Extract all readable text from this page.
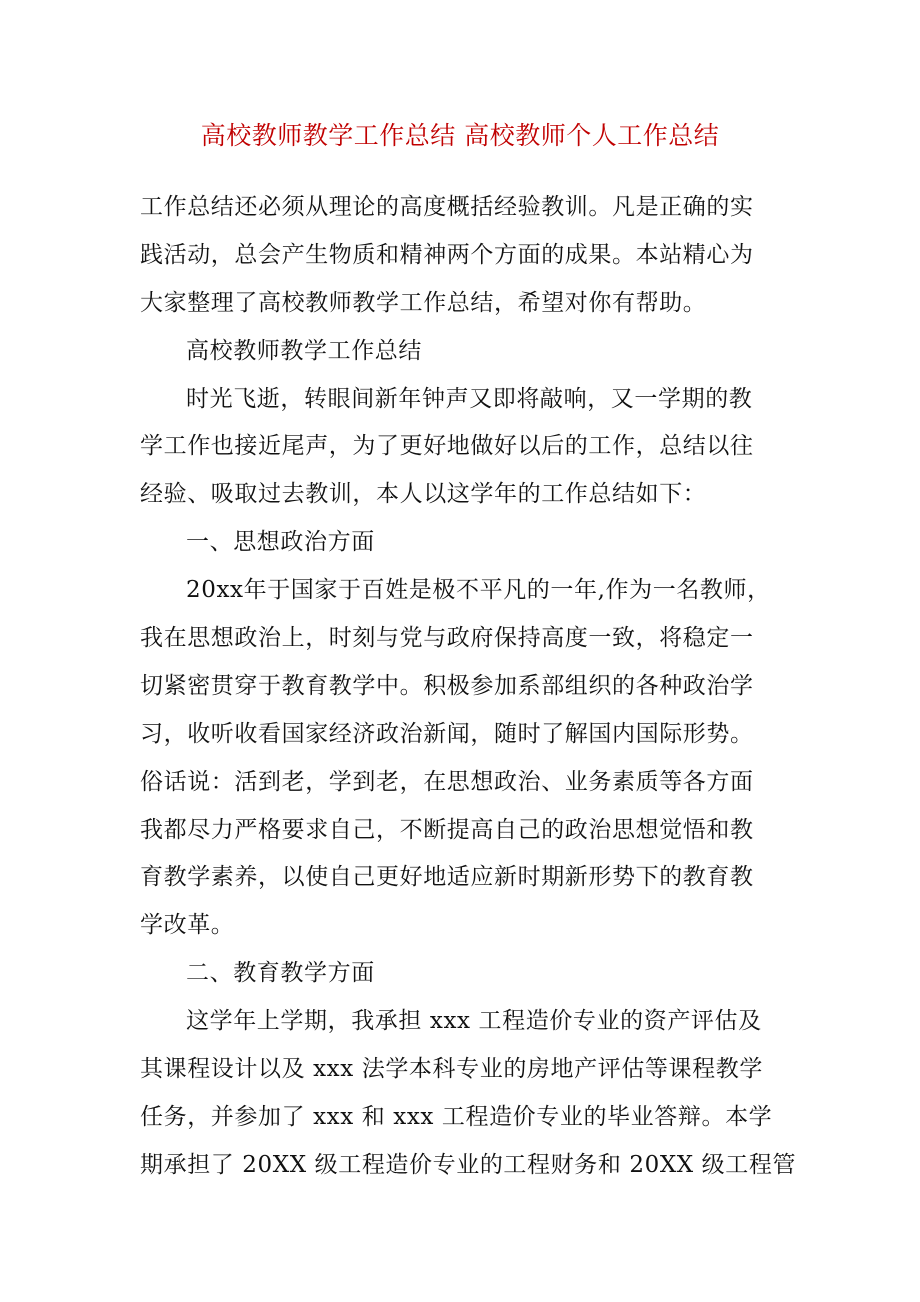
高校教师教学工作总结 高校教师个人工作总结
工作总结还必须从理论的高度概括经验教训。凡是正确的实
践活动，总会产生物质和精神两个方面的成果。本站精心为
大家整理了高校教师教学工作总结，希望对你有帮助。
高校教师教学工作总结
时光飞逝，转眼间新年钟声又即将敲响，又一学期的教
学工作也接近尾声，为了更好地做好以后的工作，总结以往
经验、吸取过去教训，本人以这学年的工作总结如下：
一、思想政治方面
20xx年于国家于百姓是极不平凡的一年,作为一名教师，
我在思想政治上，时刻与党与政府保持高度一致，将稳定一
切紧密贯穿于教育教学中。积极参加系部组织的各种政治学
习，收听收看国家经济政治新闻，随时了解国内国际形势。
俗话说：活到老，学到老，在思想政治、业务素质等各方面
我都尽力严格要求自己，不断提高自己的政治思想觉悟和教
育教学素养，以使自己更好地适应新时期新形势下的教育教
学改革。
二、教育教学方面
这学年上学期，我承担 xxx 工程造价专业的资产评估及
其课程设计以及 xxx 法学本科专业的房地产评估等课程教学
任务，并参加了 xxx 和 xxx 工程造价专业的毕业答辩。本学
期承担了 20XX 级工程造价专业的工程财务和 20XX 级工程管
